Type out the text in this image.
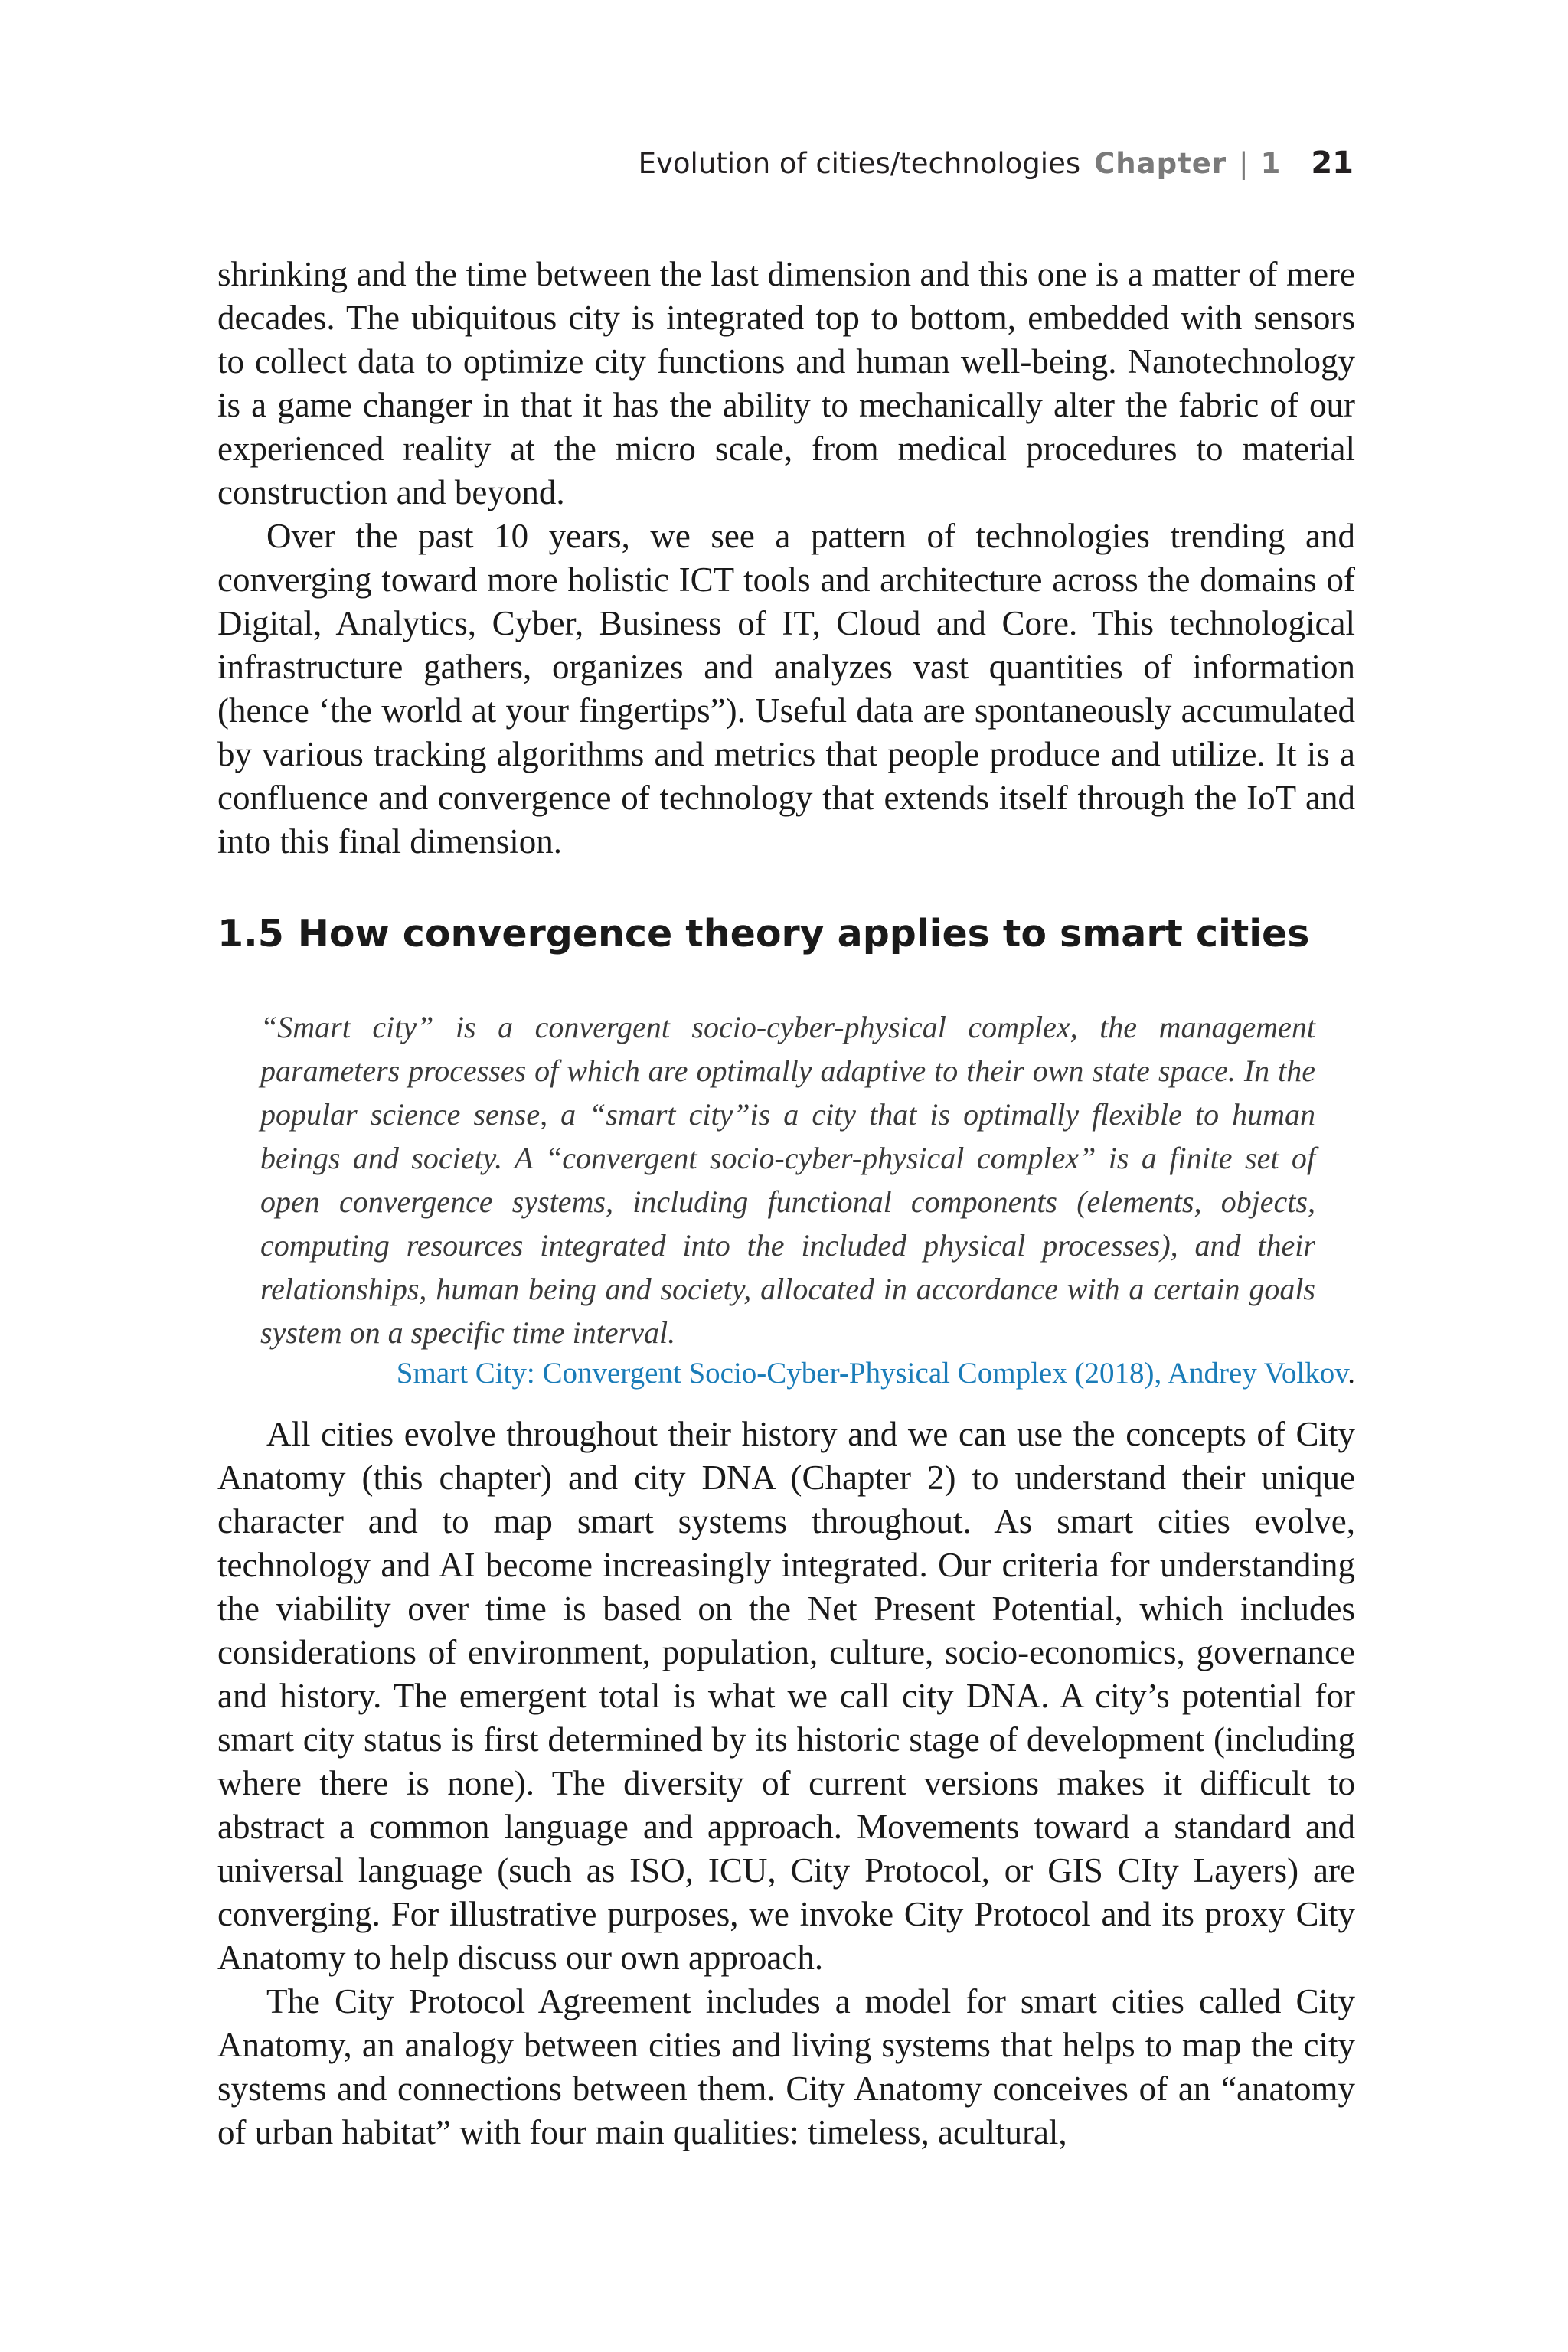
Evolution of cities/technologies Chapter | 1 21

shrinking and the time between the last dimension and this one is a matter of mere decades. The ubiquitous city is integrated top to bottom, embedded with sensors to collect data to optimize city functions and human well-being. Nanotechnology is a game changer in that it has the ability to mechanically alter the fabric of our experienced reality at the micro scale, from medical procedures to material construction and beyond.

Over the past 10 years, we see a pattern of technologies trending and converging toward more holistic ICT tools and architecture across the domains of Digital, Analytics, Cyber, Business of IT, Cloud and Core. This technological infrastructure gathers, organizes and analyzes vast quantities of information (hence ‘the world at your fingertips”). Useful data are spontaneously accumulated by various tracking algorithms and metrics that people produce and utilize. It is a confluence and convergence of technology that extends itself through the IoT and into this final dimension.

1.5 How convergence theory applies to smart cities
“Smart city” is a convergent socio-cyber-physical complex, the management parameters processes of which are optimally adaptive to their own state space. In the popular science sense, a “smart city”is a city that is optimally flexible to human beings and society. A “convergent socio-cyber-physical complex” is a finite set of open convergence systems, including functional components (elements, objects, computing resources integrated into the included physical processes), and their relationships, human being and society, allocated in accordance with a certain goals system on a specific time interval.
Smart City: Convergent Socio-Cyber-Physical Complex (2018), Andrey Volkov.

All cities evolve throughout their history and we can use the concepts of City Anatomy (this chapter) and city DNA (Chapter 2) to understand their unique character and to map smart systems throughout. As smart cities evolve, technology and AI become increasingly integrated. Our criteria for understanding the viability over time is based on the Net Present Potential, which includes considerations of environment, population, culture, socio-economics, governance and history. The emergent total is what we call city DNA. A city’s potential for smart city status is first determined by its historic stage of development (including where there is none). The diversity of current versions makes it difficult to abstract a common language and approach. Movements toward a standard and universal language (such as ISO, ICU, City Protocol, or GIS CIty Layers) are converging. For illustrative purposes, we invoke City Protocol and its proxy City Anatomy to help discuss our own approach.

The City Protocol Agreement includes a model for smart cities called City Anatomy, an analogy between cities and living systems that helps to map the city systems and connections between them. City Anatomy conceives of an “anatomy of urban habitat” with four main qualities: timeless, acultural,
